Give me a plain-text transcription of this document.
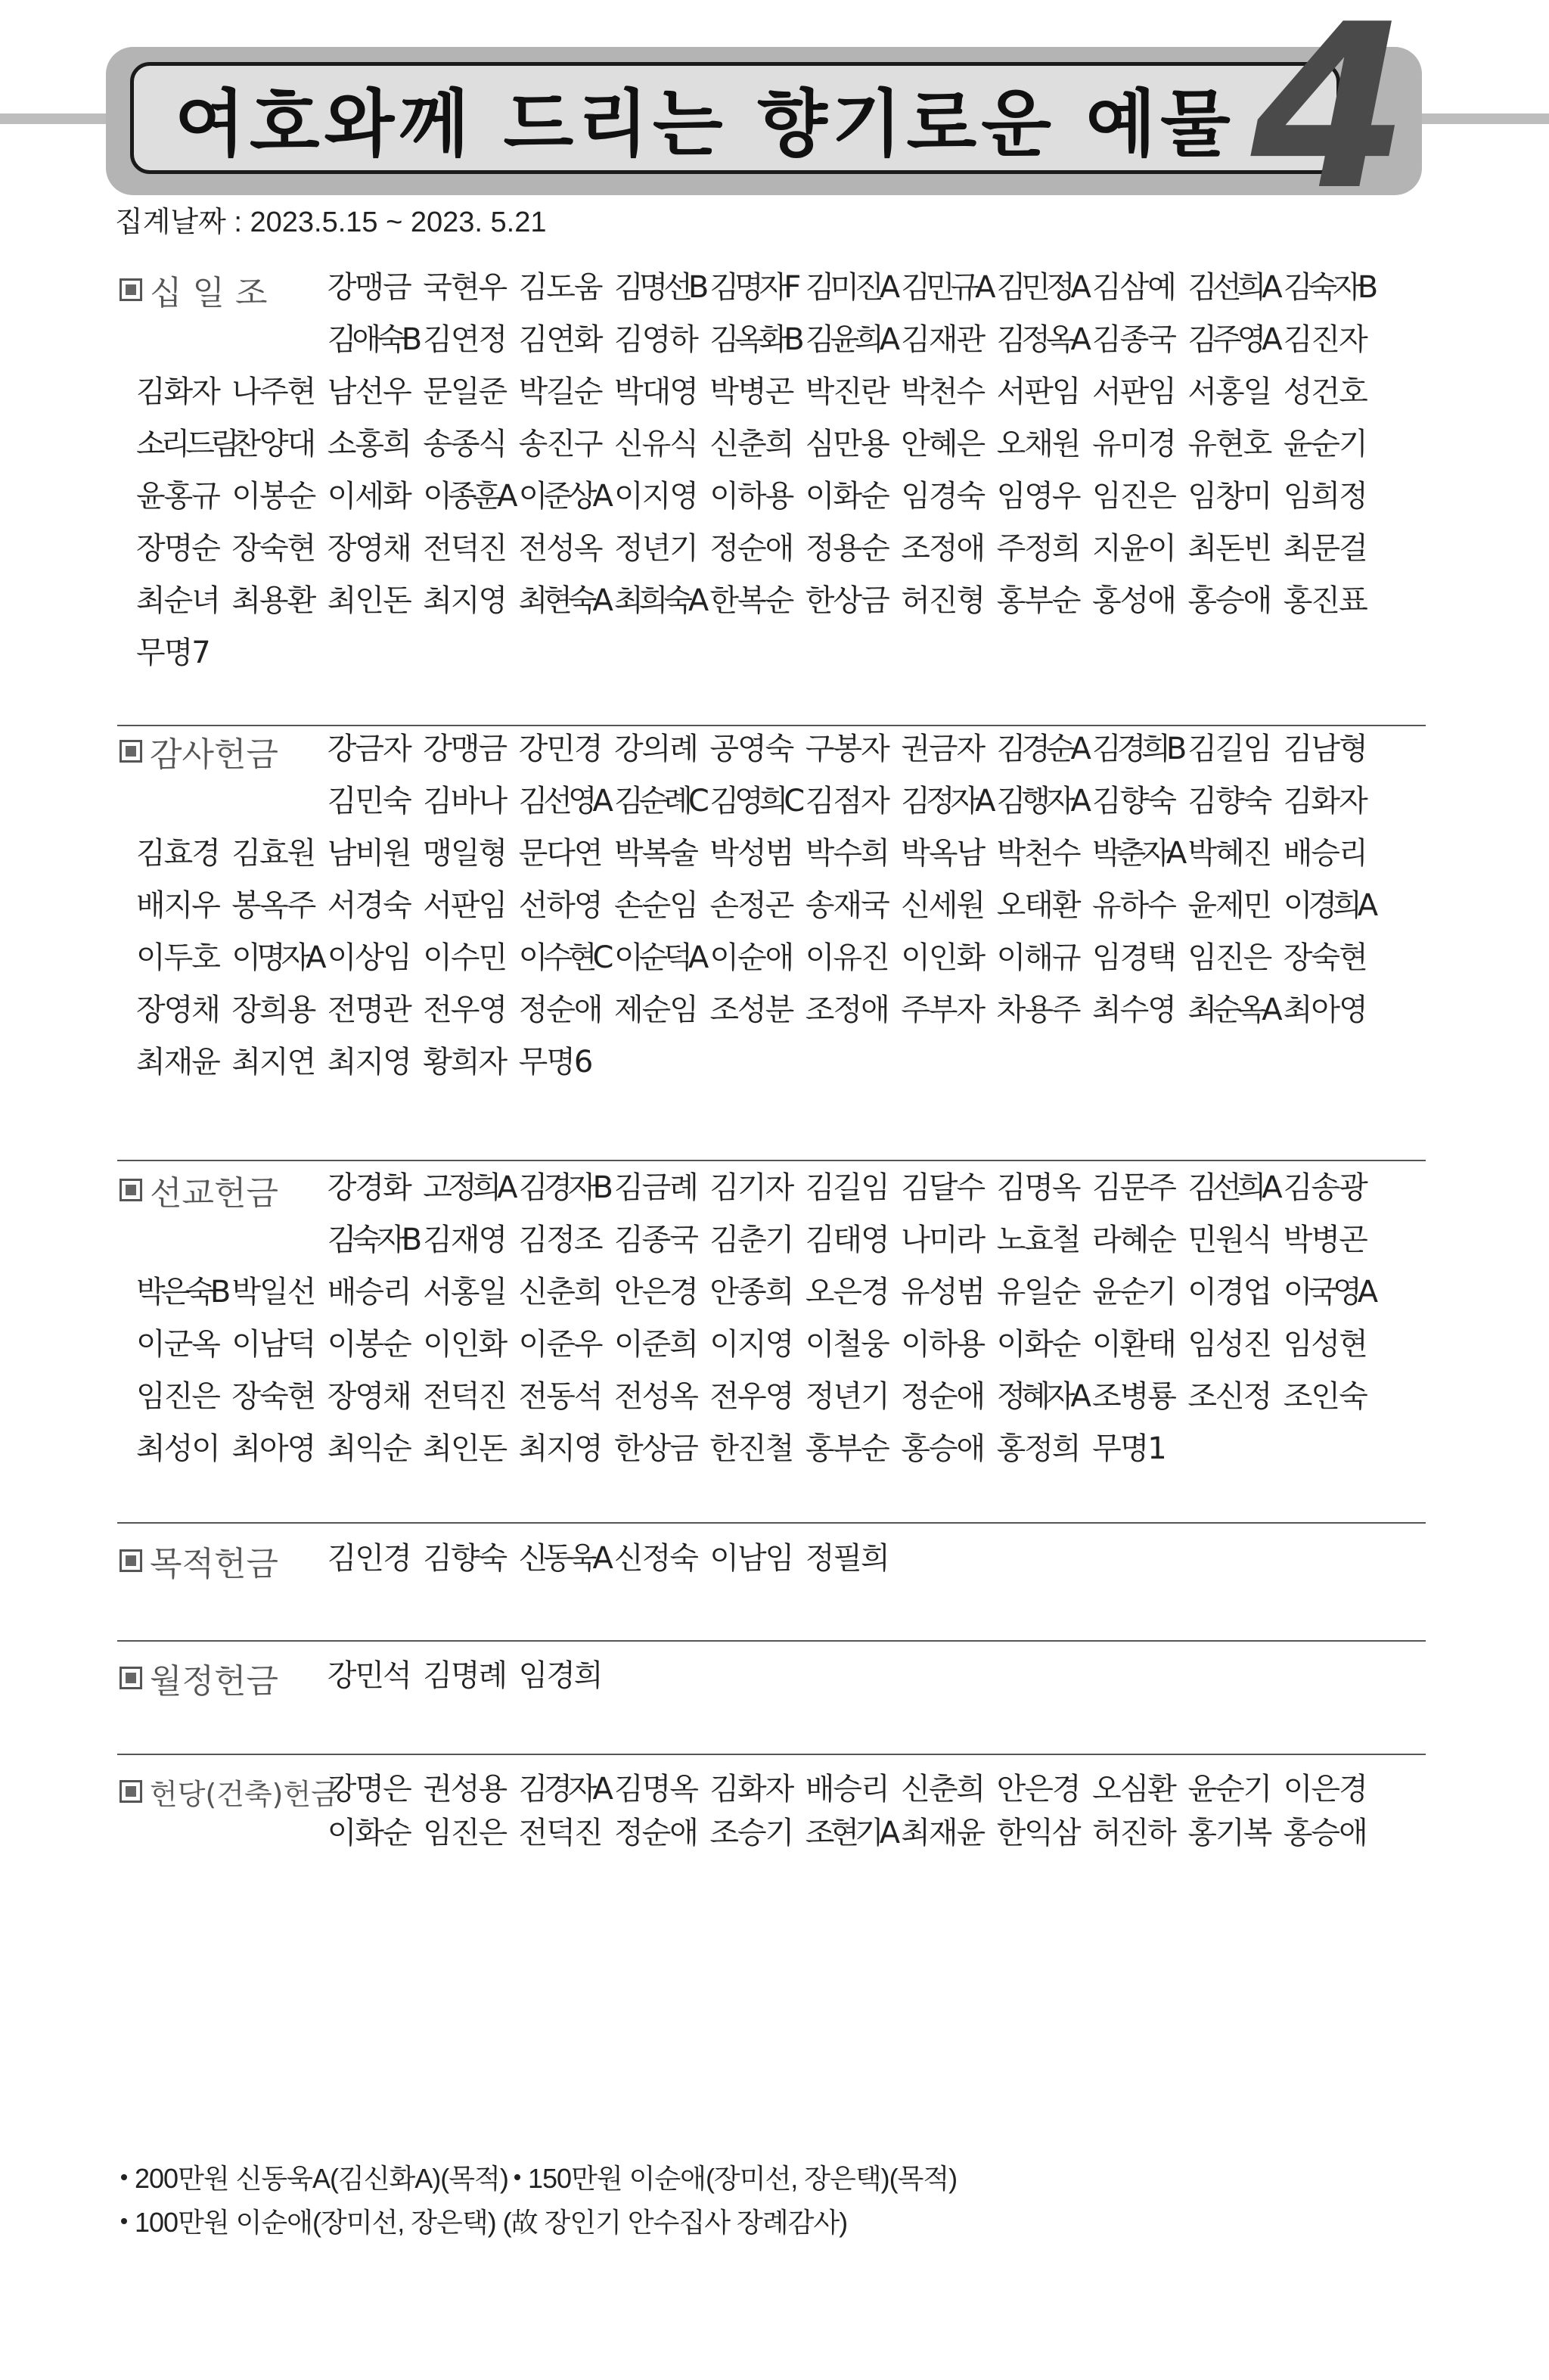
여호와께 드리는 향기로운 예물 4
집계날짜 : 2023.5.15 ~ 2023. 5.21
십 일 조 강맹금 국현우 김도움 김명선B 김명자F 김미진A 김민규A 김민정A 김삼예 김선희A 김숙자B
김애숙B 김연정 김연화 김영하 김옥화B 김윤희A 김재관 김정옥A 김종국 김주영A 김진자
김화자 나주현 남선우 문일준 박길순 박대영 박병곤 박진란 박천수 서판임 서판임 서홍일 성건호
소리드림
찬양대 소홍희 송종식 송진구 신유식 신춘희 심만용 안혜은 오채원 유미경 유현호 윤순기
윤홍규 이봉순 이세화 이종훈A 이준상A 이지영 이하용 이화순 임경숙 임영우 임진은 임창미 임희정
장명순 장숙현 장영채 전덕진 전성옥 정년기 정순애 정용순 조정애 주정희 지윤이 최돈빈 최문걸
최순녀 최용환 최인돈 최지영 최현숙A 최희숙A 한복순 한상금 허진형 홍부순 홍성애 홍승애 홍진표
무명7
감사헌금 강금자 강맹금 강민경 강의례 공영숙 구봉자 권금자 김경순A 김경희B 김길임 김남형
김민숙 김바나 김선영A 김순례C 김영희C 김점자 김정자A 김행자A 김향숙 김향숙 김화자
김효경 김효원 남비원 맹일형 문다연 박복술 박성범 박수희 박옥남 박천수 박춘자A 박혜진 배승리
배지우 봉옥주 서경숙 서판임 선하영 손순임 손정곤 송재국 신세원 오태환 유하수 윤제민 이경희A
이두호 이명자A 이상임 이수민 이수현C 이순덕A 이순애 이유진 이인화 이해규 임경택 임진은 장숙현
장영채 장희용 전명관 전우영 정순애 제순임 조성분 조정애 주부자 차용주 최수영 최순옥A 최아영
최재윤 최지연 최지영 황희자 무명6
선교헌금 강경화 고정희A 김경자B 김금례 김기자 김길임 김달수 김명옥 김문주 김선희A 김송광
김숙자B 김재영 김정조 김종국 김춘기 김태영 나미라 노효철 라혜순 민원식 박병곤
박은숙B 박일선 배승리 서홍일 신춘희 안은경 안종희 오은경 유성범 유일순 윤순기 이경업 이국영A
이군옥 이남덕 이봉순 이인화 이준우 이준희 이지영 이철웅 이하용 이화순 이환태 임성진 임성현
임진은 장숙현 장영채 전덕진 전동석 전성옥 전우영 정년기 정순애 정혜자A 조병룡 조신정 조인숙
최성이 최아영 최익순 최인돈 최지영 한상금 한진철 홍부순 홍승애 홍정희 무명1
목적헌금 김인경 김향숙 신동욱A 신정숙 이남임 정필희
월정헌금 강민석 김명례 임경희
헌당(건축)헌금
강명은 권성용 김경자A 김명옥 김화자 배승리 신춘희 안은경 오심환 윤순기 이은경
이화순 임진은 전덕진 정순애 조승기 조현기A 최재윤 한익삼 허진하 홍기복 홍승애
200만원 신동욱A(김신화A)(목적) 150만원 이순애(장미선, 장은택)(목적)
100만원 이순애(장미선, 장은택) (故 장인기 안수집사 장례감사)
